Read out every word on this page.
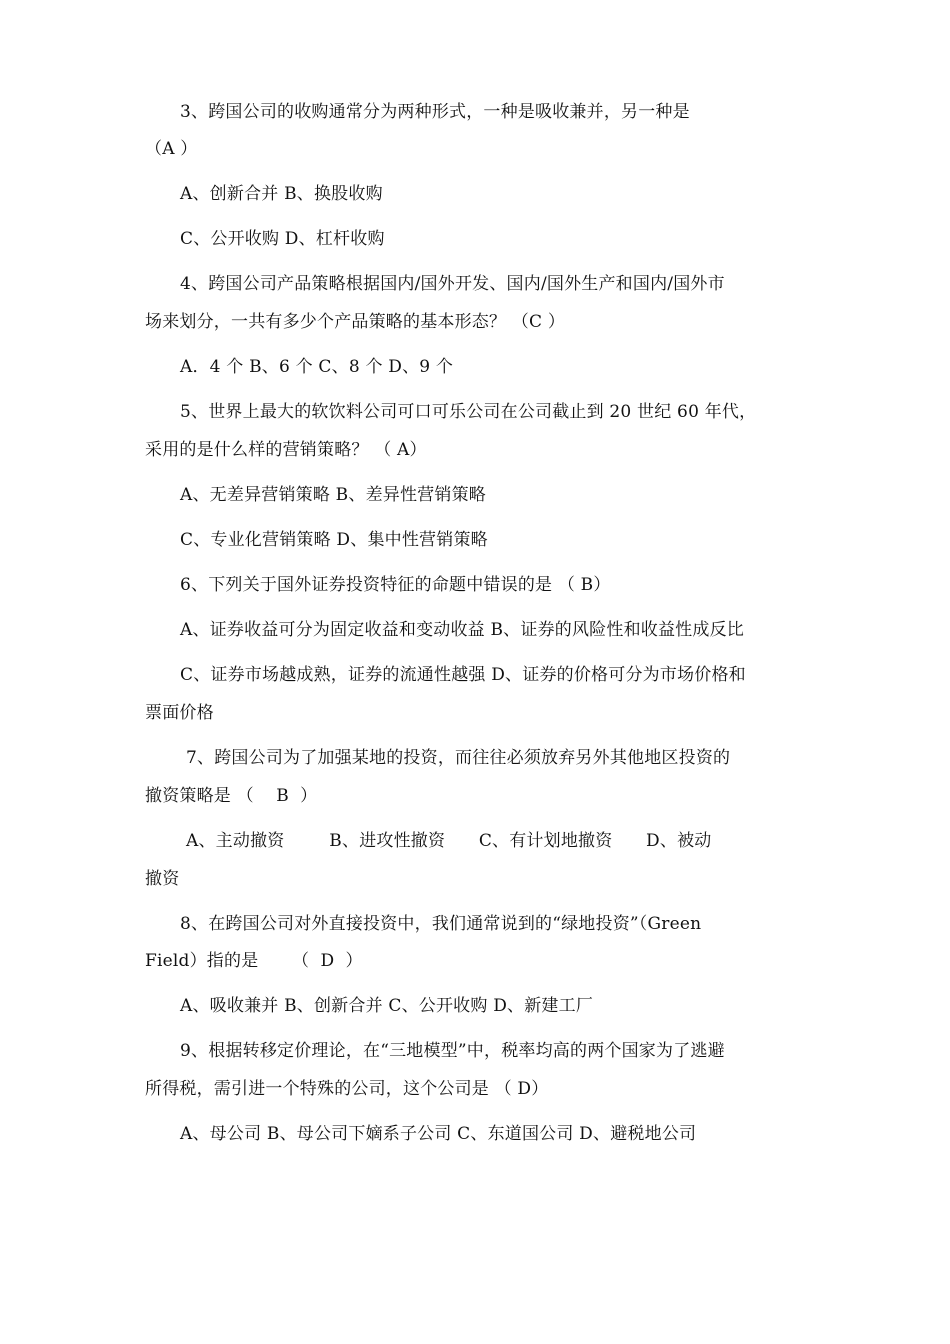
3、跨国公司的收购通常分为两种形式，一种是吸收兼并，另一种是
（A ）
A、创新合并 B、换股收购
C、公开收购 D、杠杆收购
4、跨国公司产品策略根据国内/国外开发、国内/国外生产和国内/国外市
场来划分，一共有多少个产品策略的基本形态？ （C ）
A．4 个 B、6 个 C、8 个 D、9 个
5、世界上最大的软饮料公司可口可乐公司在公司截止到 20 世纪 60 年代，
采用的是什么样的营销策略？ （ A）
A、无差异营销策略 B、差异性营销策略
C、专业化营销策略 D、集中性营销策略
6、下列关于国外证券投资特征的命题中错误的是 （ B）
A、证券收益可分为固定收益和变动收益 B、证券的风险性和收益性成反比
C、证券市场越成熟，证券的流通性越强 D、证券的价格可分为市场价格和
票面价格
7、跨国公司为了加强某地的投资，而往往必须放弃另外其他地区投资的
撤资策略是 （    B  ）
A、主动撤资        B、进攻性撤资      C、有计划地撤资      D、被动
撤资
8、在跨国公司对外直接投资中，我们通常说到的“绿地投资”（Green
Field）指的是      （  D  ）
A、吸收兼并 B、创新合并 C、公开收购 D、新建工厂
9、根据转移定价理论，在“三地模型”中，税率均高的两个国家为了逃避
所得税，需引进一个特殊的公司，这个公司是 （ D）
A、母公司 B、母公司下嫡系子公司 C、东道国公司 D、避税地公司
